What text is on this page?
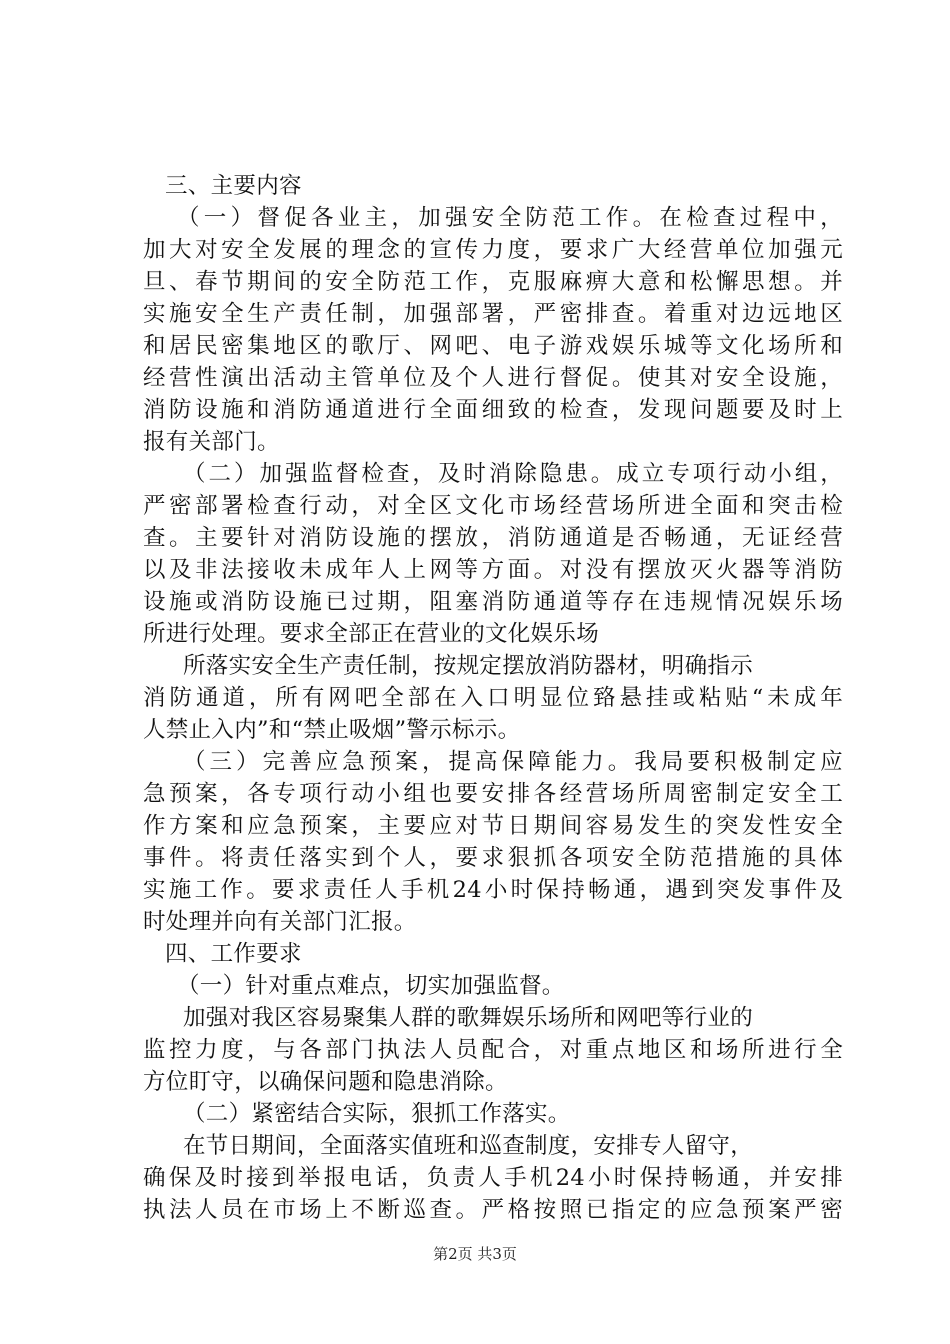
三、主要内容
（一）督促各业主，加强安全防范工作。在检查过程中，
加大对安全发展的理念的宣传力度，要求广大经营单位加强元
旦、春节期间的安全防范工作，克服麻痹大意和松懈思想。并
实施安全生产责任制，加强部署，严密排查。着重对边远地区
和居民密集地区的歌厅、网吧、电子游戏娱乐城等文化场所和
经营性演出活动主管单位及个人进行督促。使其对安全设施，
消防设施和消防通道进行全面细致的检查，发现问题要及时上
报有关部门。
（二）加强监督检查，及时消除隐患。成立专项行动小组，
严密部署检查行动，对全区文化市场经营场所进全面和突击检
查。主要针对消防设施的摆放，消防通道是否畅通，无证经营
以及非法接收未成年人上网等方面。对没有摆放灭火器等消防
设施或消防设施已过期，阻塞消防通道等存在违规情况娱乐场
所进行处理。要求全部正在营业的文化娱乐场
所落实安全生产责任制，按规定摆放消防器材，明确指示
消防通道，所有网吧全部在入口明显位臵悬挂或粘贴“未成年
人禁止入内”和“禁止吸烟”警示标示。
（三）完善应急预案，提高保障能力。我局要积极制定应
急预案，各专项行动小组也要安排各经营场所周密制定安全工
作方案和应急预案，主要应对节日期间容易发生的突发性安全
事件。将责任落实到个人，要求狠抓各项安全防范措施的具体
实施工作。要求责任人手机24小时保持畅通，遇到突发事件及
时处理并向有关部门汇报。
四、工作要求
（一）针对重点难点，切实加强监督。
加强对我区容易聚集人群的歌舞娱乐场所和网吧等行业的
监控力度，与各部门执法人员配合，对重点地区和场所进行全
方位盯守，以确保问题和隐患消除。
（二）紧密结合实际，狠抓工作落实。
在节日期间，全面落实值班和巡查制度，安排专人留守，
确保及时接到举报电话，负责人手机24小时保持畅通，并安排
执法人员在市场上不断巡查。严格按照已指定的应急预案严密
第2页 共3页
